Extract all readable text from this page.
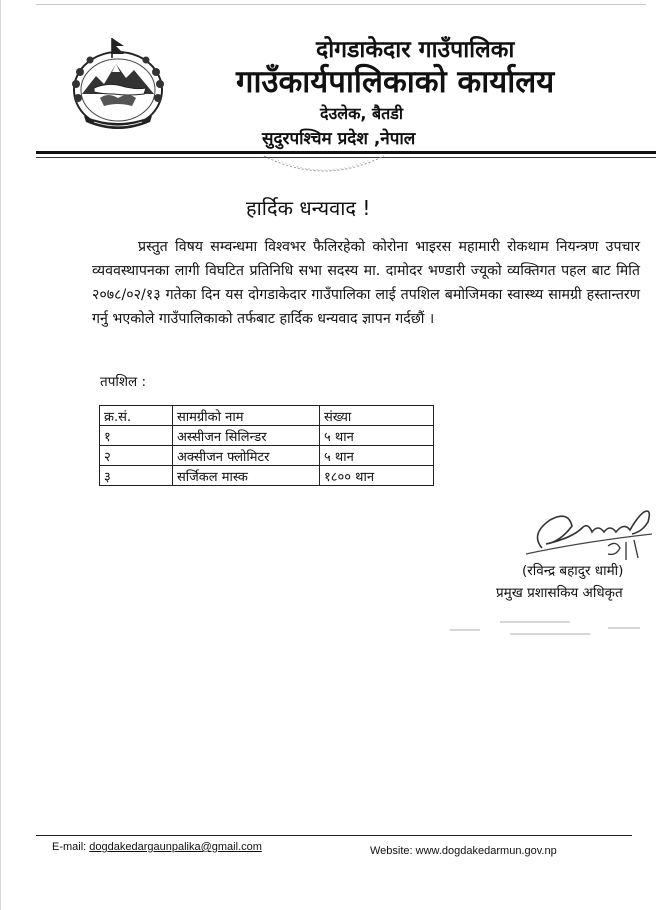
दोगडाकेदार गाउँपालिका
गाउँकार्यपालिकाको कार्यालय
देउलेक, बैतडी
सुदुरपश्चिम प्रदेश ,नेपाल
हार्दिक धन्यवाद !

प्रस्तुत विषय सम्वन्धमा विश्वभर फैलिरहेको कोरोना भाइरस महामारी रोकथाम नियन्त्रण उपचार व्यववस्थापनका लागी विघटित प्रतिनिधि सभा सदस्य मा. दामोदर भण्डारी ज्यूको व्यक्तिगत पहल बाट मिति २०७८/०२/१३ गतेका दिन यस दोगडाकेदार गाउँपालिका लाई तपशिल बमोजिमका स्वास्थ्य सामग्री हस्तान्तरण गर्नु भएकोले गाउँपालिकाको तर्फबाट हार्दिक धन्यवाद ज्ञापन गर्दछौं ।

तपशिल :
क्र.सं.	सामग्रीको नाम	संख्या
१	अस्सीजन सिलिन्डर	५ थान
२	अक्सीजन फ्लोमिटर	५ थान
३	सर्जिकल मास्क	१८०० थान
(रविन्द्र बहादुर धामी)
प्रमुख प्रशासकिय अधिकृत
E-mail: dogdakedargaunpalika@gmail.com	Website: www.dogdakedarmun.gov.np
